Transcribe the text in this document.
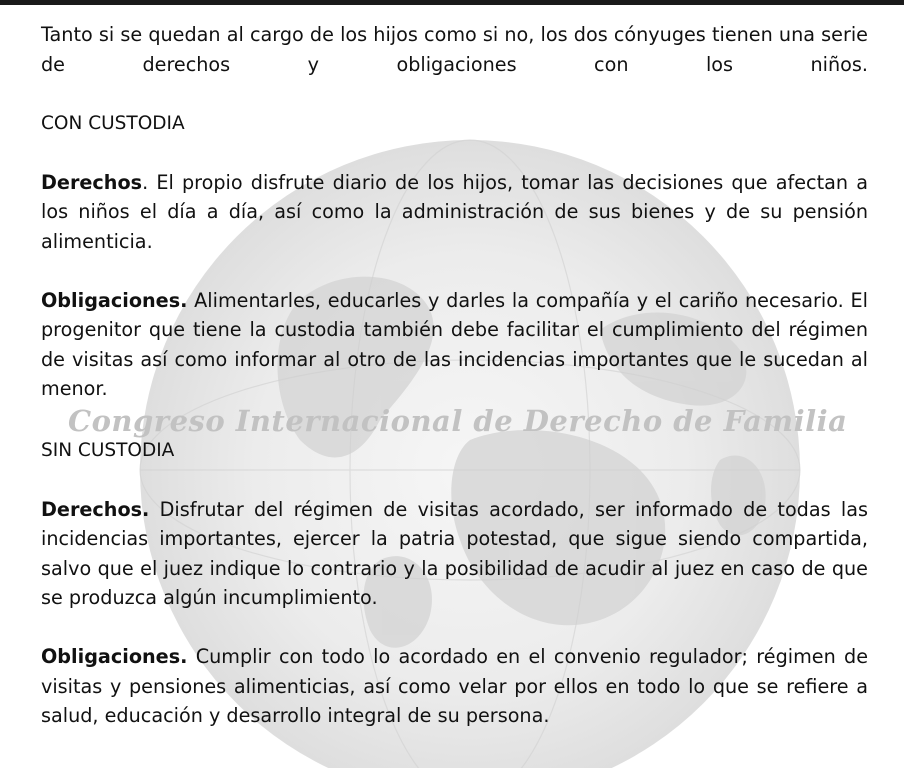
Congreso Internacional de Derecho de Familia

Tanto si se quedan al cargo de los hijos como si no, los dos cónyuges tienen una serie de derechos y obligaciones con los niños.

CON CUSTODIA

Derechos. El propio disfrute diario de los hijos, tomar las decisiones que afectan a los niños el día a día, así como la administración de sus bienes y de su pensión alimenticia.

Obligaciones. Alimentarles, educarles y darles la compañía y el cariño necesario. El progenitor que tiene la custodia también debe facilitar el cumplimiento del régimen de visitas así como informar al otro de las incidencias importantes que le sucedan al menor.

SIN CUSTODIA

Derechos. Disfrutar del régimen de visitas acordado, ser informado de todas las incidencias importantes, ejercer la patria potestad, que sigue siendo compartida, salvo que el juez indique lo contrario y la posibilidad de acudir al juez en caso de que se produzca algún incumplimiento.

Obligaciones. Cumplir con todo lo acordado en el convenio regulador; régimen de visitas y pensiones alimenticias, así como velar por ellos en todo lo que se refiere a salud, educación y desarrollo integral de su persona.
